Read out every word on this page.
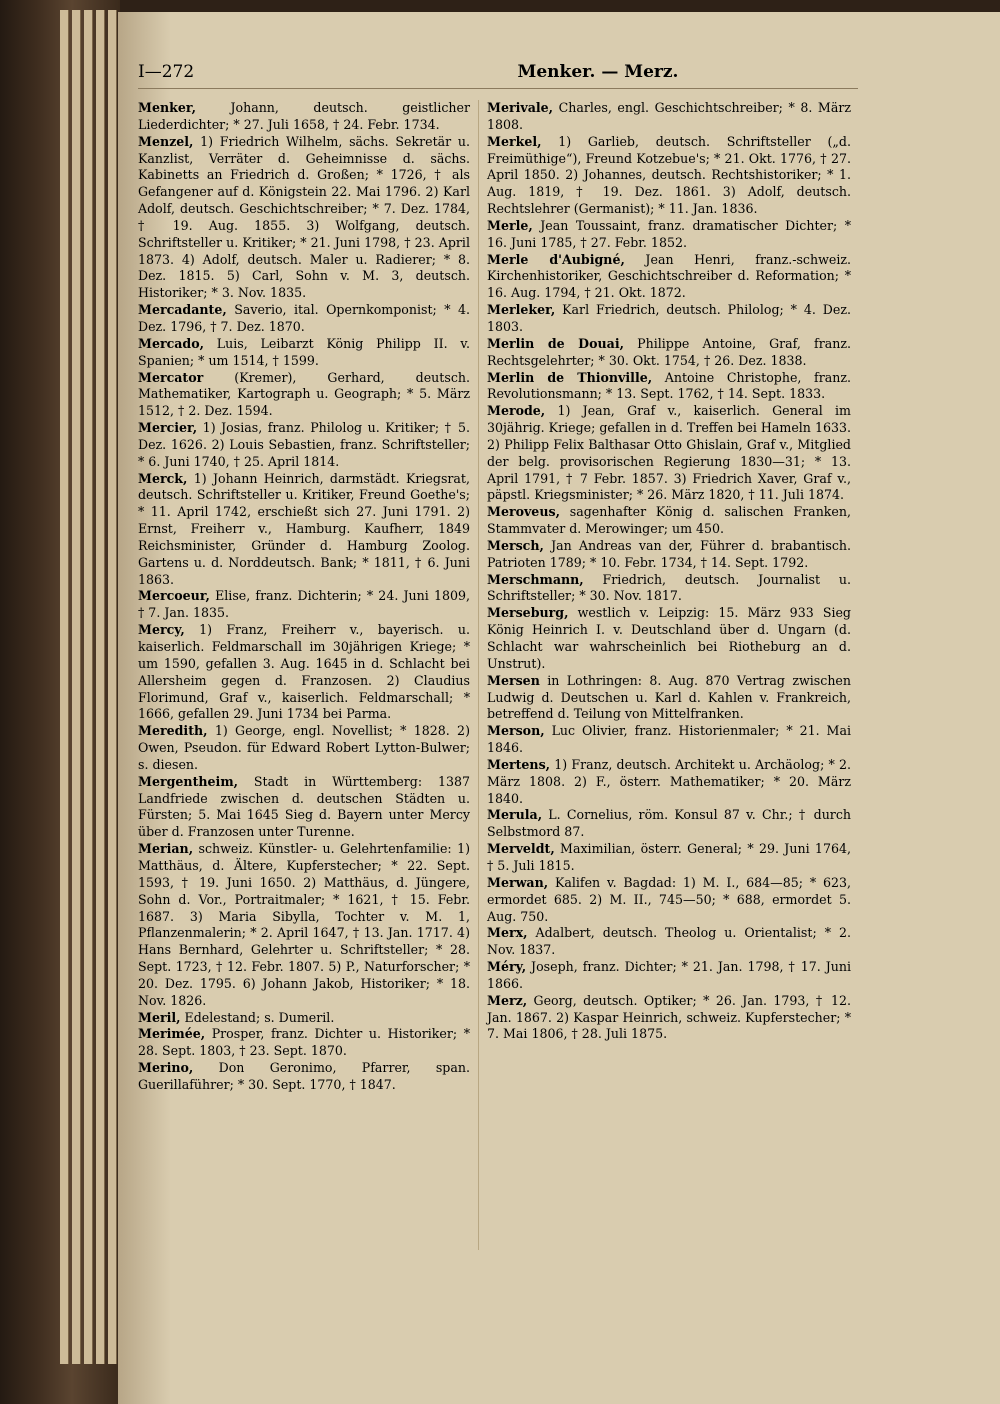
I—272	Menker. — Merz.

Menker, Johann, deutsch. geistlicher Liederdichter; * 27. Juli 1658, † 24. Febr. 1734.

Menzel, 1) Friedrich Wilhelm, sächs. Sekretär u. Kanzlist, Verräter d. Geheimnisse d. sächs. Kabinetts an Friedrich d. Großen; * 1726, † als Gefangener auf d. Königstein 22. Mai 1796. 2) Karl Adolf, deutsch. Geschichtschreiber; * 7. Dez. 1784, † 19. Aug. 1855. 3) Wolfgang, deutsch. Schriftsteller u. Kritiker; * 21. Juni 1798, † 23. April 1873. 4) Adolf, deutsch. Maler u. Radierer; * 8. Dez. 1815. 5) Carl, Sohn v. M. 3, deutsch. Historiker; * 3. Nov. 1835.

Mercadante, Saverio, ital. Opernkomponist; * 4. Dez. 1796, † 7. Dez. 1870.

Mercado, Luis, Leibarzt König Philipp II. v. Spanien; * um 1514, † 1599.

Mercator (Kremer), Gerhard, deutsch. Mathematiker, Kartograph u. Geograph; * 5. März 1512, † 2. Dez. 1594.

Mercier, 1) Josias, franz. Philolog u. Kritiker; † 5. Dez. 1626. 2) Louis Sebastien, franz. Schriftsteller; * 6. Juni 1740, † 25. April 1814.

Merck, 1) Johann Heinrich, darmstädt. Kriegsrat, deutsch. Schriftsteller u. Kritiker, Freund Goethe's; * 11. April 1742, erschießt sich 27. Juni 1791. 2) Ernst, Freiherr v., Hamburg. Kaufherr, 1849 Reichsminister, Gründer d. Hamburg Zoolog. Gartens u. d. Norddeutsch. Bank; * 1811, † 6. Juni 1863.

Mercoeur, Elise, franz. Dichterin; * 24. Juni 1809, † 7. Jan. 1835.

Mercy, 1) Franz, Freiherr v., bayerisch. u. kaiserlich. Feldmarschall im 30jährigen Kriege; * um 1590, gefallen 3. Aug. 1645 in d. Schlacht bei Allersheim gegen d. Franzosen. 2) Claudius Florimund, Graf v., kaiserlich. Feldmarschall; * 1666, gefallen 29. Juni 1734 bei Parma.

Meredith, 1) George, engl. Novellist; * 1828. 2) Owen, Pseudon. für Edward Robert Lytton-Bulwer; s. diesen.

Mergentheim, Stadt in Württemberg: 1387 Landfriede zwischen d. deutschen Städten u. Fürsten; 5. Mai 1645 Sieg d. Bayern unter Mercy über d. Franzosen unter Turenne.

Merian, schweiz. Künstler- u. Gelehrtenfamilie: 1) Matthäus, d. Ältere, Kupferstecher; * 22. Sept. 1593, † 19. Juni 1650. 2) Matthäus, d. Jüngere, Sohn d. Vor., Portraitmaler; * 1621, † 15. Febr. 1687. 3) Maria Sibylla, Tochter v. M. 1, Pflanzenmalerin; * 2. April 1647, † 13. Jan. 1717. 4) Hans Bernhard, Gelehrter u. Schriftsteller; * 28. Sept. 1723, † 12. Febr. 1807. 5) P., Naturforscher; * 20. Dez. 1795. 6) Johann Jakob, Historiker; * 18. Nov. 1826.

Meril, Edelestand; s. Dumeril.

Merimée, Prosper, franz. Dichter u. Historiker; * 28. Sept. 1803, † 23. Sept. 1870.

Merino, Don Geronimo, Pfarrer, span. Guerillaführer; * 30. Sept. 1770, † 1847.

Merivale, Charles, engl. Geschichtschreiber; * 8. März 1808.

Merkel, 1) Garlieb, deutsch. Schriftsteller („d. Freimüthige“), Freund Kotzebue's; * 21. Okt. 1776, † 27. April 1850. 2) Johannes, deutsch. Rechtshistoriker; * 1. Aug. 1819, † 19. Dez. 1861. 3) Adolf, deutsch. Rechtslehrer (Germanist); * 11. Jan. 1836.

Merle, Jean Toussaint, franz. dramatischer Dichter; * 16. Juni 1785, † 27. Febr. 1852.

Merle d'Aubigné, Jean Henri, franz.-schweiz. Kirchenhistoriker, Geschichtschreiber d. Reformation; * 16. Aug. 1794, † 21. Okt. 1872.

Merleker, Karl Friedrich, deutsch. Philolog; * 4. Dez. 1803.

Merlin de Douai, Philippe Antoine, Graf, franz. Rechtsgelehrter; * 30. Okt. 1754, † 26. Dez. 1838.

Merlin de Thionville, Antoine Christophe, franz. Revolutionsmann; * 13. Sept. 1762, † 14. Sept. 1833.

Merode, 1) Jean, Graf v., kaiserlich. General im 30jährig. Kriege; gefallen in d. Treffen bei Hameln 1633. 2) Philipp Felix Balthasar Otto Ghislain, Graf v., Mitglied der belg. provisorischen Regierung 1830—31; * 13. April 1791, † 7 Febr. 1857. 3) Friedrich Xaver, Graf v., päpstl. Kriegsminister; * 26. März 1820, † 11. Juli 1874.

Meroveus, sagenhafter König d. salischen Franken, Stammvater d. Merowinger; um 450.

Mersch, Jan Andreas van der, Führer d. brabantisch. Patrioten 1789; * 10. Febr. 1734, † 14. Sept. 1792.

Merschmann, Friedrich, deutsch. Journalist u. Schriftsteller; * 30. Nov. 1817.

Merseburg, westlich v. Leipzig: 15. März 933 Sieg König Heinrich I. v. Deutschland über d. Ungarn (d. Schlacht war wahrscheinlich bei Riotheburg an d. Unstrut).

Mersen in Lothringen: 8. Aug. 870 Vertrag zwischen Ludwig d. Deutschen u. Karl d. Kahlen v. Frankreich, betreffend d. Teilung von Mittelfranken.

Merson, Luc Olivier, franz. Historienmaler; * 21. Mai 1846.

Mertens, 1) Franz, deutsch. Architekt u. Archäolog; * 2. März 1808. 2) F., österr. Mathematiker; * 20. März 1840.

Merula, L. Cornelius, röm. Konsul 87 v. Chr.; † durch Selbstmord 87.

Merveldt, Maximilian, österr. General; * 29. Juni 1764, † 5. Juli 1815.

Merwan, Kalifen v. Bagdad: 1) M. I., 684—85; * 623, ermordet 685. 2) M. II., 745—50; * 688, ermordet 5. Aug. 750.

Merx, Adalbert, deutsch. Theolog u. Orientalist; * 2. Nov. 1837.

Méry, Joseph, franz. Dichter; * 21. Jan. 1798, † 17. Juni 1866.

Merz, Georg, deutsch. Optiker; * 26. Jan. 1793, † 12. Jan. 1867. 2) Kaspar Heinrich, schweiz. Kupferstecher; * 7. Mai 1806, † 28. Juli 1875.
